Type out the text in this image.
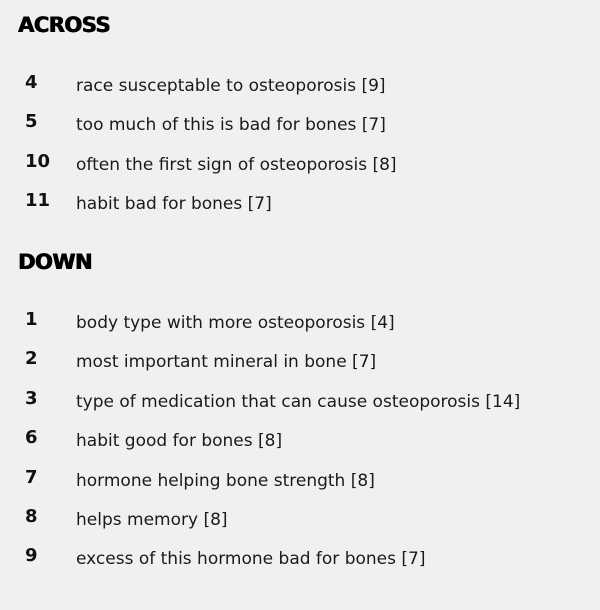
ACROSS
4 race susceptable to osteoporosis [9]
5 too much of this is bad for bones [7]
10 often the first sign of osteoporosis [8]
11 habit bad for bones [7]
DOWN
1 body type with more osteoporosis [4]
2 most important mineral in bone [7]
3 type of medication that can cause osteoporosis [14]
6 habit good for bones [8]
7 hormone helping bone strength [8]
8 helps memory [8]
9 excess of this hormone bad for bones [7]
